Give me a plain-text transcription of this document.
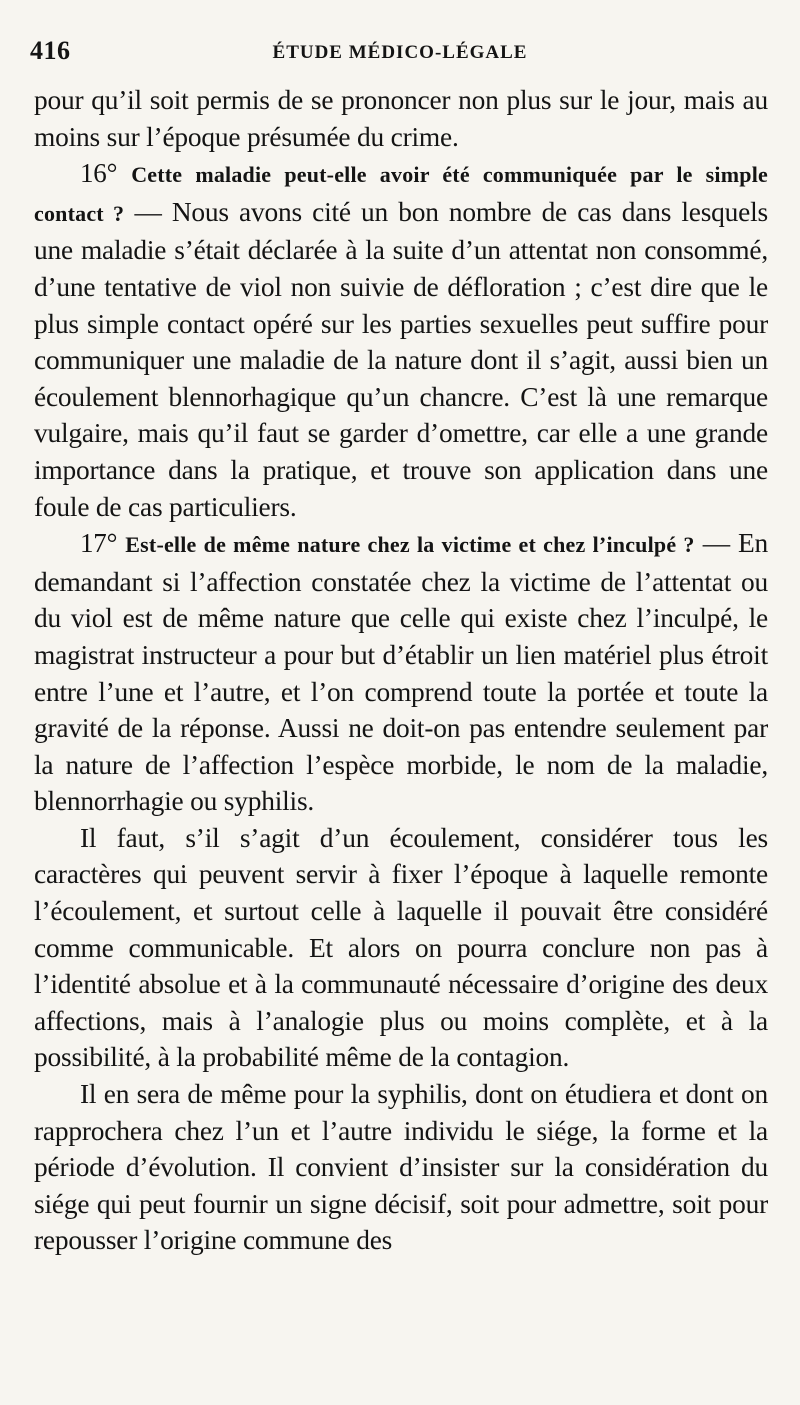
416	ÉTUDE MÉDICO-LÉGALE

pour qu’il soit permis de se prononcer non plus sur le jour, mais au moins sur l’époque présumée du crime.

16° Cette maladie peut-elle avoir été communiquée par le simple contact ? — Nous avons cité un bon nombre de cas dans lesquels une maladie s’était déclarée à la suite d’un attentat non consommé, d’une tentative de viol non suivie de défloration ; c’est dire que le plus simple contact opéré sur les parties sexuelles peut suffire pour communiquer une maladie de la nature dont il s’agit, aussi bien un écoulement blennorhagique qu’un chancre. C’est là une remarque vulgaire, mais qu’il faut se garder d’omettre, car elle a une grande importance dans la pratique, et trouve son application dans une foule de cas particuliers.

17° Est-elle de même nature chez la victime et chez l’inculpé ? — En demandant si l’affection constatée chez la victime de l’attentat ou du viol est de même nature que celle qui existe chez l’inculpé, le magistrat instructeur a pour but d’établir un lien matériel plus étroit entre l’une et l’autre, et l’on comprend toute la portée et toute la gravité de la réponse. Aussi ne doit-on pas entendre seulement par la nature de l’affection l’espèce morbide, le nom de la maladie, blennorrhagie ou syphilis.

Il faut, s’il s’agit d’un écoulement, considérer tous les caractères qui peuvent servir à fixer l’époque à laquelle remonte l’écoulement, et surtout celle à laquelle il pouvait être considéré comme communicable. Et alors on pourra conclure non pas à l’identité absolue et à la communauté nécessaire d’origine des deux affections, mais à l’analogie plus ou moins complète, et à la possibilité, à la probabilité même de la contagion.

Il en sera de même pour la syphilis, dont on étudiera et dont on rapprochera chez l’un et l’autre individu le siége, la forme et la période d’évolution. Il convient d’insister sur la considération du siége qui peut fournir un signe décisif, soit pour admettre, soit pour repousser l’origine commune des
